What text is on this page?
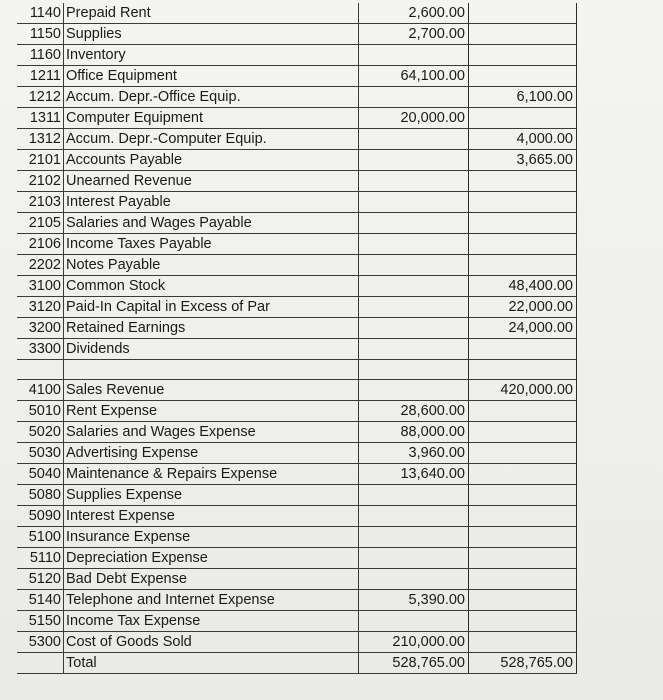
1140	Prepaid Rent	2,600.00		
1150	Supplies	2,700.00		
1160	Inventory			
1211	Office Equipment	64,100.00		
1212	Accum. Depr.-Office Equip.		6,100.00	
1311	Computer Equipment	20,000.00		
1312	Accum. Depr.-Computer Equip.		4,000.00	
2101	Accounts Payable		3,665.00	
2102	Unearned Revenue			
2103	Interest Payable			
2105	Salaries and Wages Payable			
2106	Income Taxes Payable			
2202	Notes Payable			
3100	Common Stock		48,400.00	
3120	Paid-In Capital in Excess of Par		22,000.00	
3200	Retained Earnings		24,000.00	
3300	Dividends			

4100	Sales Revenue		420,000.00	
5010	Rent Expense	28,600.00		
5020	Salaries and Wages Expense	88,000.00		
5030	Advertising Expense	3,960.00		
5040	Maintenance & Repairs Expense	13,640.00		
5080	Supplies Expense			
5090	Interest Expense			
5100	Insurance Expense			
5110	Depreciation Expense			
5120	Bad Debt Expense			
5140	Telephone and Internet Expense	5,390.00		
5150	Income Tax Expense			
5300	Cost of Goods Sold	210,000.00		
	Total	528,765.00	528,765.00	
